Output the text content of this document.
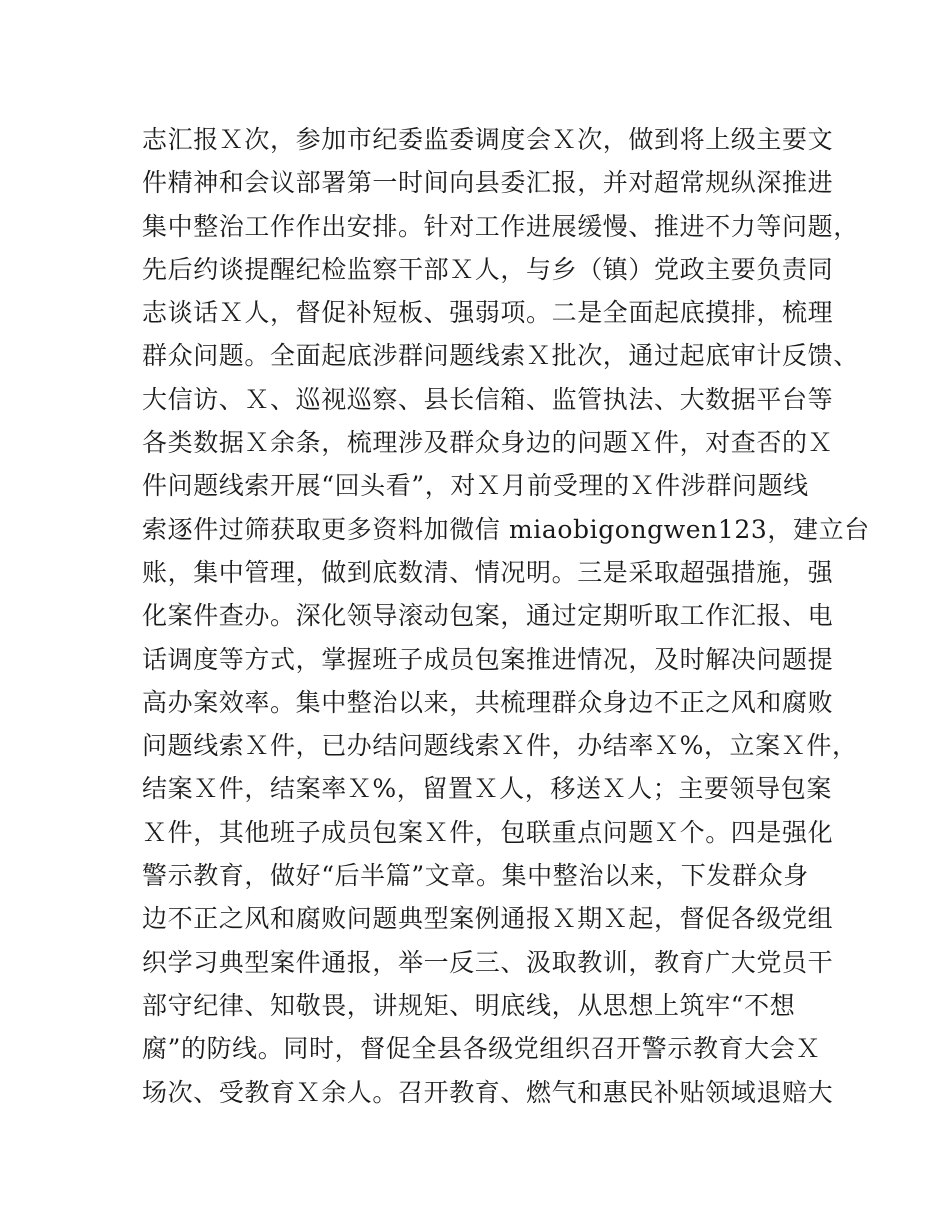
志汇报Ｘ次，参加市纪委监委调度会Ｘ次，做到将上级主要文
件精神和会议部署第一时间向县委汇报，并对超常规纵深推进
集中整治工作作出安排。针对工作进展缓慢、推进不力等问题，
先后约谈提醒纪检监察干部Ｘ人，与乡（镇）党政主要负责同
志谈话Ｘ人，督促补短板、强弱项。二是全面起底摸排，梳理
群众问题。全面起底涉群问题线索Ｘ批次，通过起底审计反馈、
大信访、Ｘ、巡视巡察、县长信箱、监管执法、大数据平台等
各类数据Ｘ余条，梳理涉及群众身边的问题Ｘ件，对查否的Ｘ
件问题线索开展“回头看”，对Ｘ月前受理的Ｘ件涉群问题线
索逐件过筛获取更多资料加微信 miaobigongwen123，建立台
账，集中管理，做到底数清、情况明。三是采取超强措施，强
化案件查办。深化领导滚动包案，通过定期听取工作汇报、电
话调度等方式，掌握班子成员包案推进情况，及时解决问题提
高办案效率。集中整治以来，共梳理群众身边不正之风和腐败
问题线索Ｘ件，已办结问题线索Ｘ件，办结率Ｘ%，立案Ｘ件，
结案Ｘ件，结案率Ｘ%，留置Ｘ人，移送Ｘ人；主要领导包案
Ｘ件，其他班子成员包案Ｘ件，包联重点问题Ｘ个。四是强化
警示教育，做好“后半篇”文章。集中整治以来，下发群众身
边不正之风和腐败问题典型案例通报Ｘ期Ｘ起，督促各级党组
织学习典型案件通报，举一反三、汲取教训，教育广大党员干
部守纪律、知敬畏，讲规矩、明底线，从思想上筑牢“不想
腐”的防线。同时，督促全县各级党组织召开警示教育大会Ｘ
场次、受教育Ｘ余人。召开教育、燃气和惠民补贴领域退赔大
